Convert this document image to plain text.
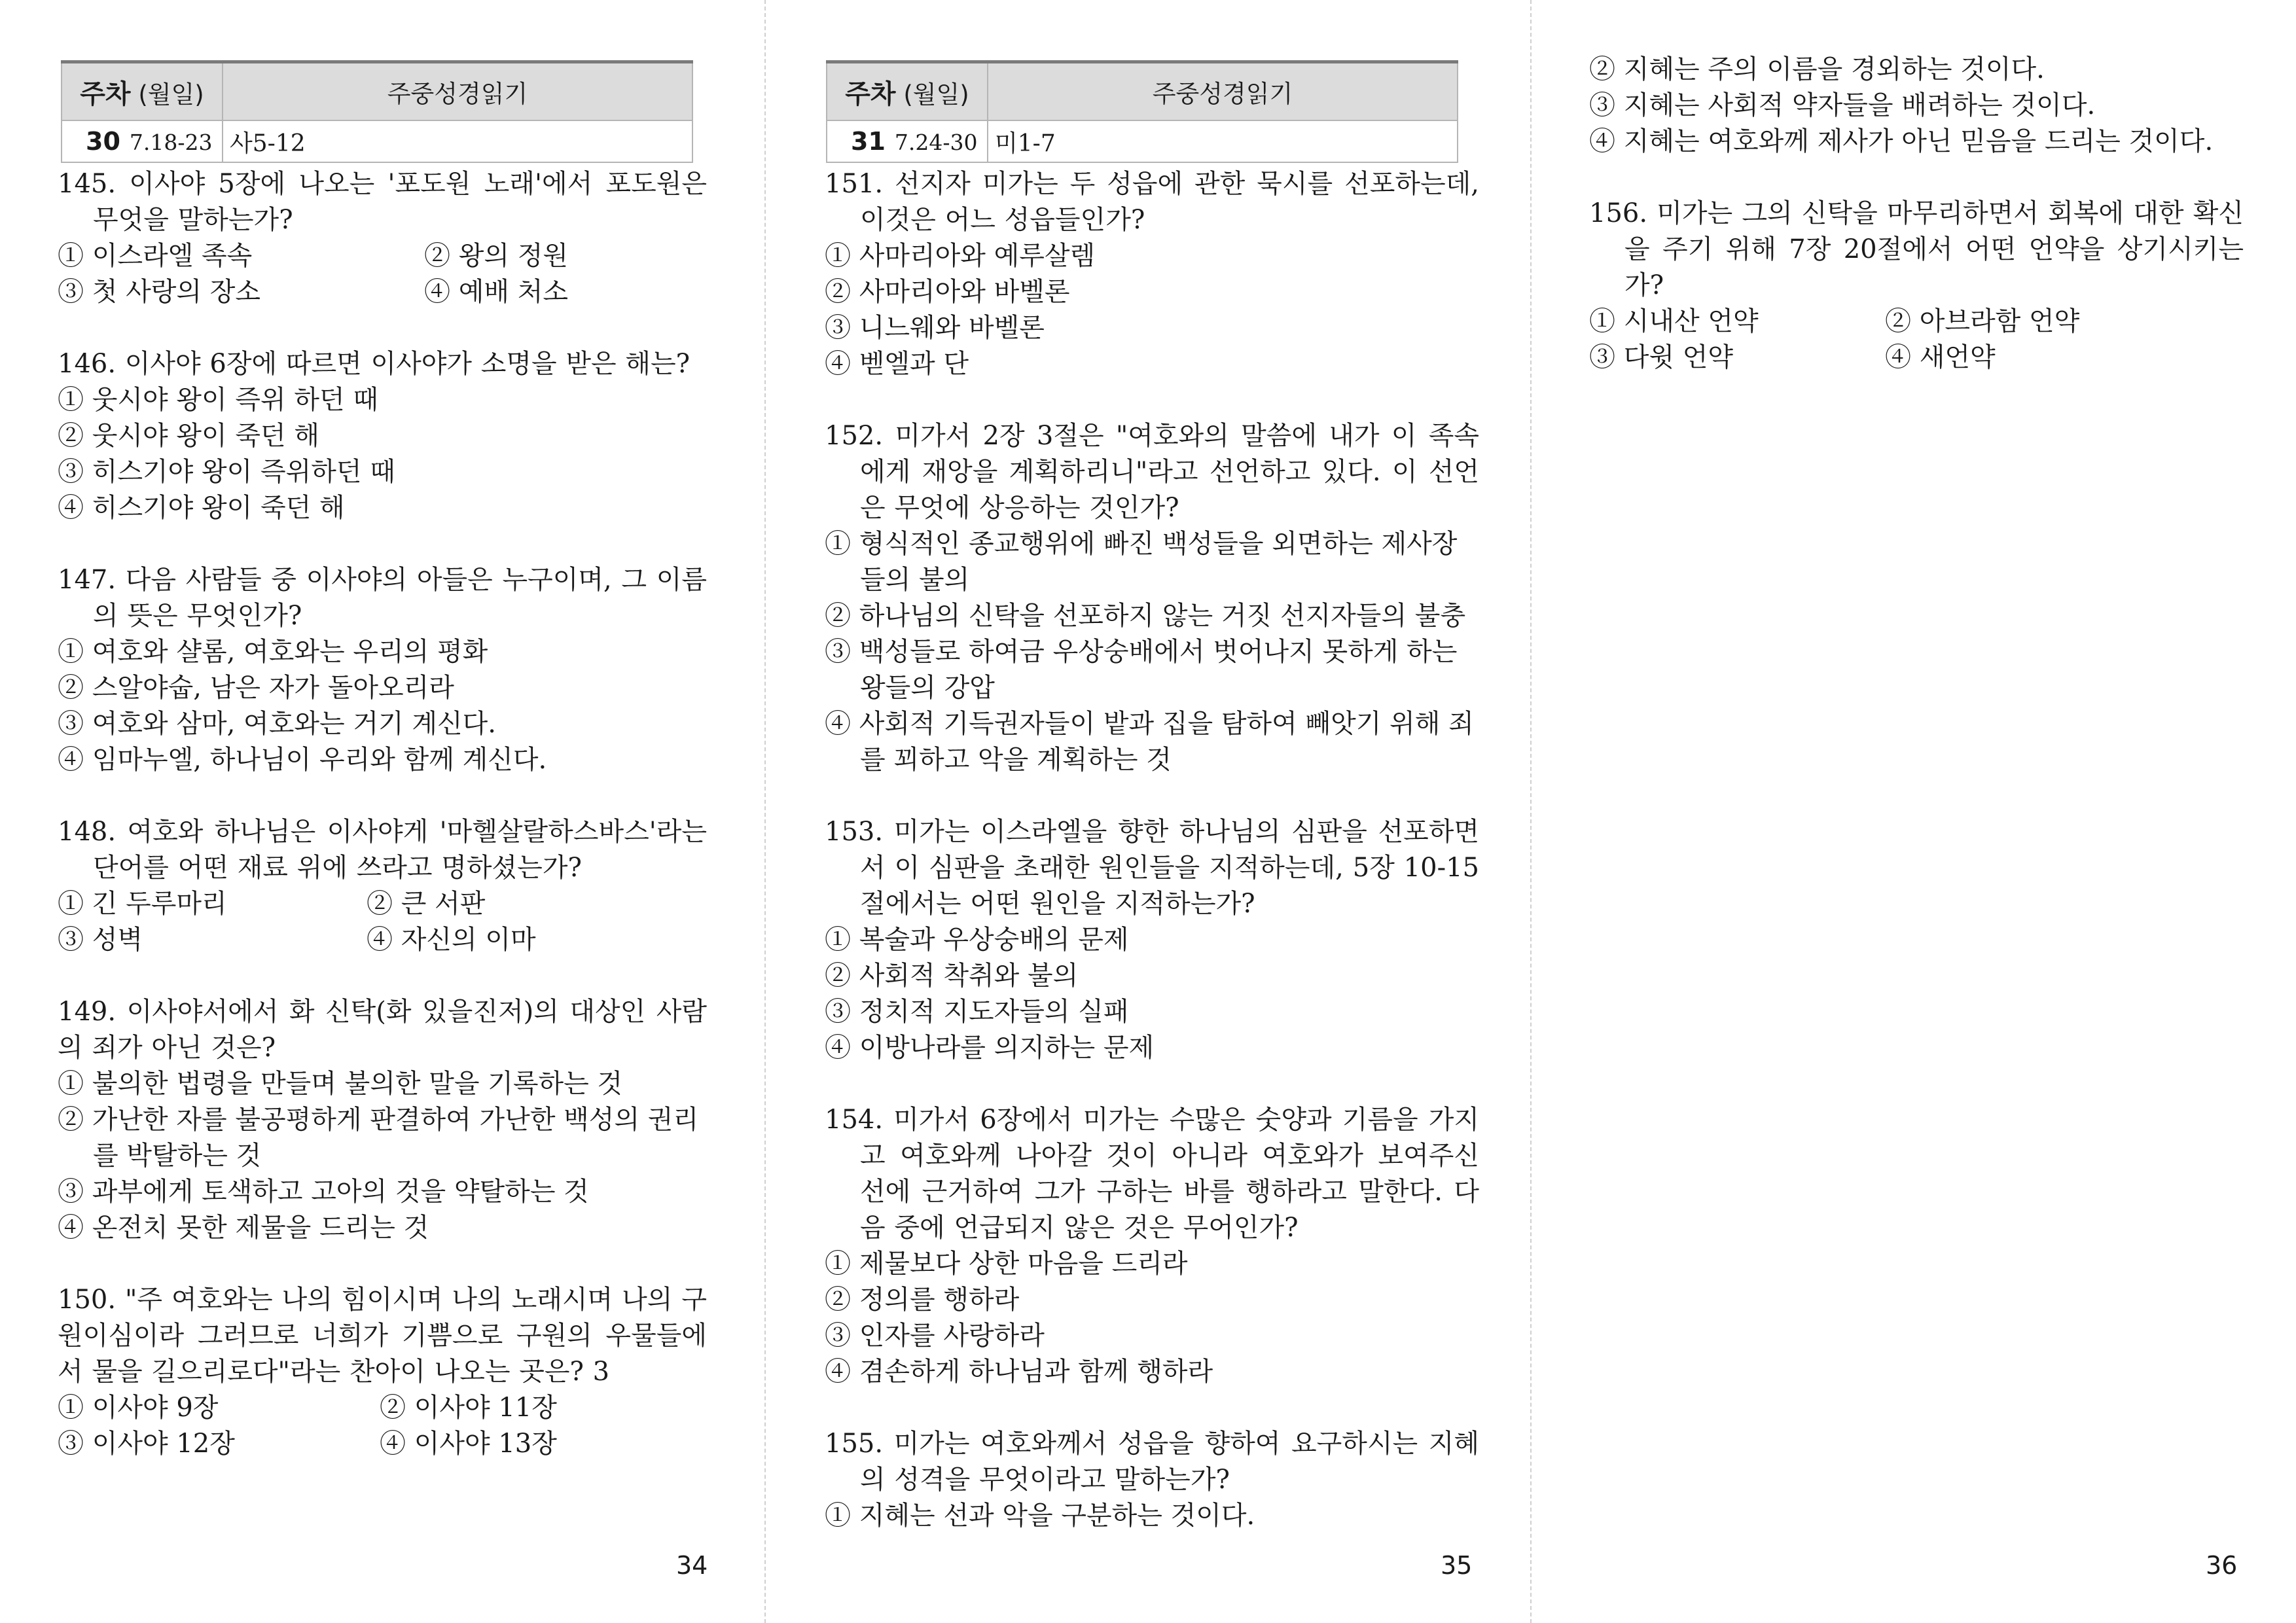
주차 (월일)	주중성경읽기
30 7.18-23	사5-12
145. 이사야 5장에 나오는 '포도원 노래'에서 포도원은 무엇을 말하는가?
① 이스라엘 족속	② 왕의 정원
③ 첫 사랑의 장소	④ 예배 처소
146. 이사야 6장에 따르면 이사야가 소명을 받은 해는?
① 웃시야 왕이 즉위 하던 때
② 웃시야 왕이 죽던 해
③ 히스기야 왕이 즉위하던 때
④ 히스기야 왕이 죽던 해
147. 다음 사람들 중 이사야의 아들은 누구이며, 그 이름의 뜻은 무엇인가?
① 여호와 샬롬, 여호와는 우리의 평화
② 스알야숩, 남은 자가 돌아오리라
③ 여호와 삼마, 여호와는 거기 계신다.
④ 임마누엘, 하나님이 우리와 함께 계신다.
148. 여호와 하나님은 이사야게 '마헬살랄하스바스'라는 단어를 어떤 재료 위에 쓰라고 명하셨는가?
① 긴 두루마리	② 큰 서판
③ 성벽	④ 자신의 이마
149. 이사야서에서 화 신탁(화 있을진저)의 대상인 사람의 죄가 아닌 것은?
① 불의한 법령을 만들며 불의한 말을 기록하는 것
② 가난한 자를 불공평하게 판결하여 가난한 백성의 권리를 박탈하는 것
③ 과부에게 토색하고 고아의 것을 약탈하는 것
④ 온전치 못한 제물을 드리는 것
150. "주 여호와는 나의 힘이시며 나의 노래시며 나의 구원이심이라 그러므로 너희가 기쁨으로 구원의 우물들에서 물을 길으리로다"라는 찬아이 나오는 곳은? 3
① 이사야 9장	② 이사야 11장
③ 이사야 12장	④ 이사야 13장
34
주차 (월일)	주중성경읽기
31 7.24-30	미1-7
151. 선지자 미가는 두 성읍에 관한 묵시를 선포하는데, 이것은 어느 성읍들인가?
① 사마리아와 예루살렘
② 사마리아와 바벨론
③ 니느웨와 바벨론
④ 벧엘과 단
152. 미가서 2장 3절은 "여호와의 말씀에 내가 이 족속에게 재앙을 계획하리니"라고 선언하고 있다. 이 선언은 무엇에 상응하는 것인가?
① 형식적인 종교행위에 빠진 백성들을 외면하는 제사장들의 불의
② 하나님의 신탁을 선포하지 않는 거짓 선지자들의 불충
③ 백성들로 하여금 우상숭배에서 벗어나지 못하게 하는 왕들의 강압
④ 사회적 기득권자들이 밭과 집을 탐하여 빼앗기 위해 죄를 꾀하고 악을 계획하는 것
153. 미가는 이스라엘을 향한 하나님의 심판을 선포하면서 이 심판을 초래한 원인들을 지적하는데, 5장 10-15절에서는 어떤 원인을 지적하는가?
① 복술과 우상숭배의 문제
② 사회적 착취와 불의
③ 정치적 지도자들의 실패
④ 이방나라를 의지하는 문제
154. 미가서 6장에서 미가는 수많은 숫양과 기름을 가지고 여호와께 나아갈 것이 아니라 여호와가 보여주신 선에 근거하여 그가 구하는 바를 행하라고 말한다. 다음 중에 언급되지 않은 것은 무어인가?
① 제물보다 상한 마음을 드리라
② 정의를 행하라
③ 인자를 사랑하라
④ 겸손하게 하나님과 함께 행하라
155. 미가는 여호와께서 성읍을 향하여 요구하시는 지혜의 성격을 무엇이라고 말하는가?
① 지혜는 선과 악을 구분하는 것이다.
35
② 지혜는 주의 이름을 경외하는 것이다.
③ 지혜는 사회적 약자들을 배려하는 것이다.
④ 지혜는 여호와께 제사가 아닌 믿음을 드리는 것이다.
156. 미가는 그의 신탁을 마무리하면서 회복에 대한 확신을 주기 위해 7장 20절에서 어떤 언약을 상기시키는가?
① 시내산 언약	② 아브라함 언약
③ 다윗 언약	④ 새언약
36
